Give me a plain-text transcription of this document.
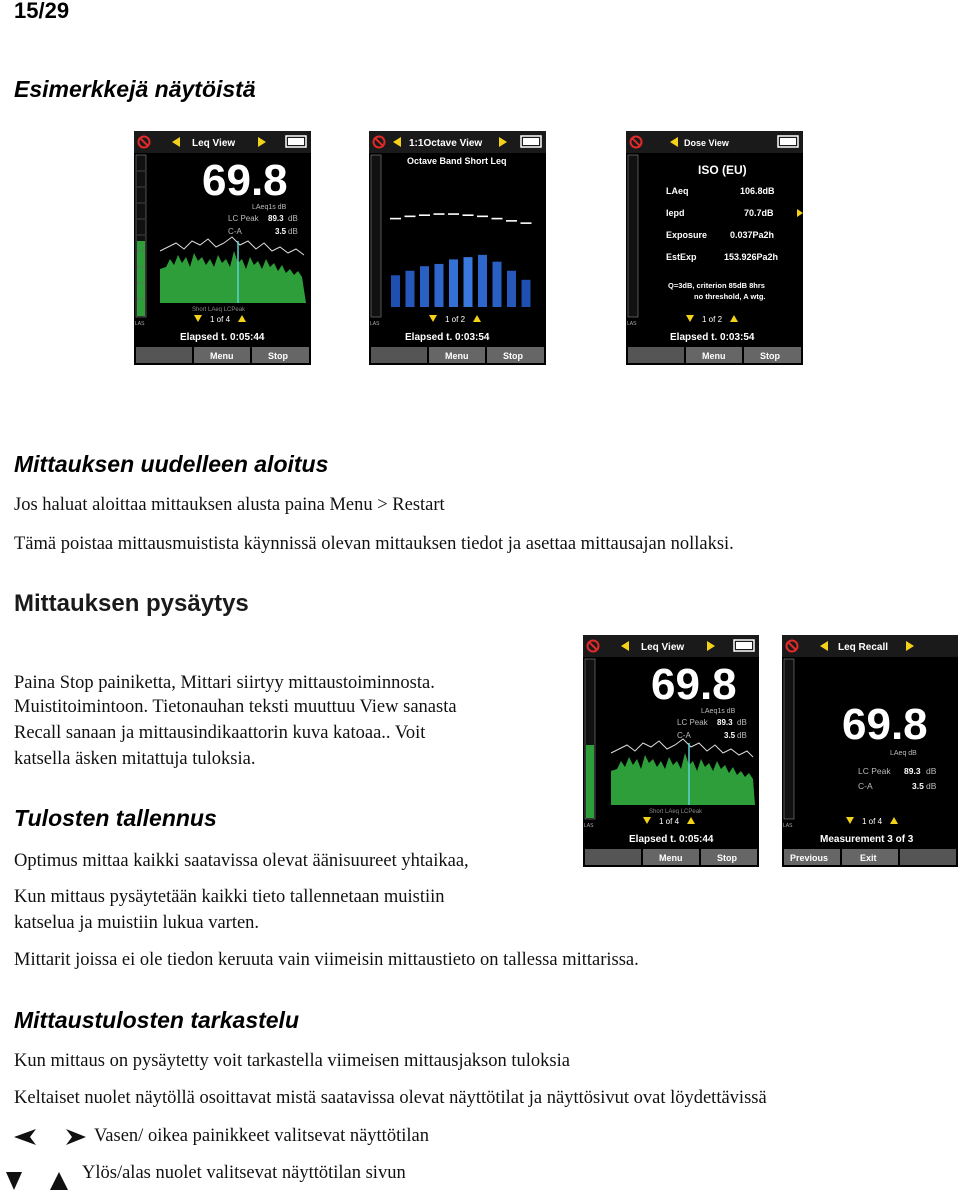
15/29

Esimerkkejä näytöistä
Leq View
LAS
69.8
LAeq1s dB
LC Peak 89.3 dB
C-A	3.5 dB
Short LAeq LCPeak
1 of 4
Elapsed t. 0:05:44
Menu	Stop
1:1Octave View
Octave Band Short Leq
LAS	1 of 2
Elapsed t. 0:03:54
Menu	Stop
Dose View
LAS
ISO (EU)
LAeq	106.8dB
Iepd	70.7dB
Exposure	0.037Pa2h
EstExp	153.926Pa2h
Q=3dB, criterion 85dB 8hrs
no threshold, A wtg.
1 of 2
Elapsed t. 0:03:54
Menu	Stop
Mittauksen uudelleen aloitus

Jos haluat aloittaa mittauksen alusta paina Menu > Restart

Tämä poistaa mittausmuistista käynnissä olevan mittauksen tiedot ja asettaa mittausajan nollaksi.

Mittauksen pysäytys

Paina Stop painiketta, Mittari siirtyy mittaustoiminnosta.

Muistitoimintoon. Tietonauhan teksti muuttuu View sanasta

Recall sanaan ja mittausindikaattorin kuva katoaa.. Voit

katsella äsken mitattuja tuloksia.

Leq View
LAS
69.8
LAeq1s dB
LC Peak 89.3 dB
C-A	3.5 dB
Short LAeq LCPeak
1 of 4
Elapsed t. 0:05:44
Menu	Stop
Leq Recall
LAS
69.8
LAeq dB
LC Peak 89.3 dB
C-A	3.5 dB
1 of 4
Measurement 3 of 3
Previous	Exit
Tulosten tallennus

Optimus mittaa kaikki saatavissa olevat äänisuureet yhtaikaa,

Kun mittaus pysäytetään kaikki tieto tallennetaan muistiin

katselua ja muistiin lukua varten.

Mittarit joissa ei ole tiedon keruuta vain viimeisin mittaustieto on tallessa mittarissa.

Mittaustulosten tarkastelu

Kun mittaus on pysäytetty voit tarkastella viimeisen mittausjakson tuloksia

Keltaiset nuolet näytöllä osoittavat mistä saatavissa olevat näyttötilat ja näyttösivut ovat löydettävissä

Vasen/ oikea painikkeet valitsevat näyttötilan

Ylös/alas nuolet valitsevat näyttötilan sivun
